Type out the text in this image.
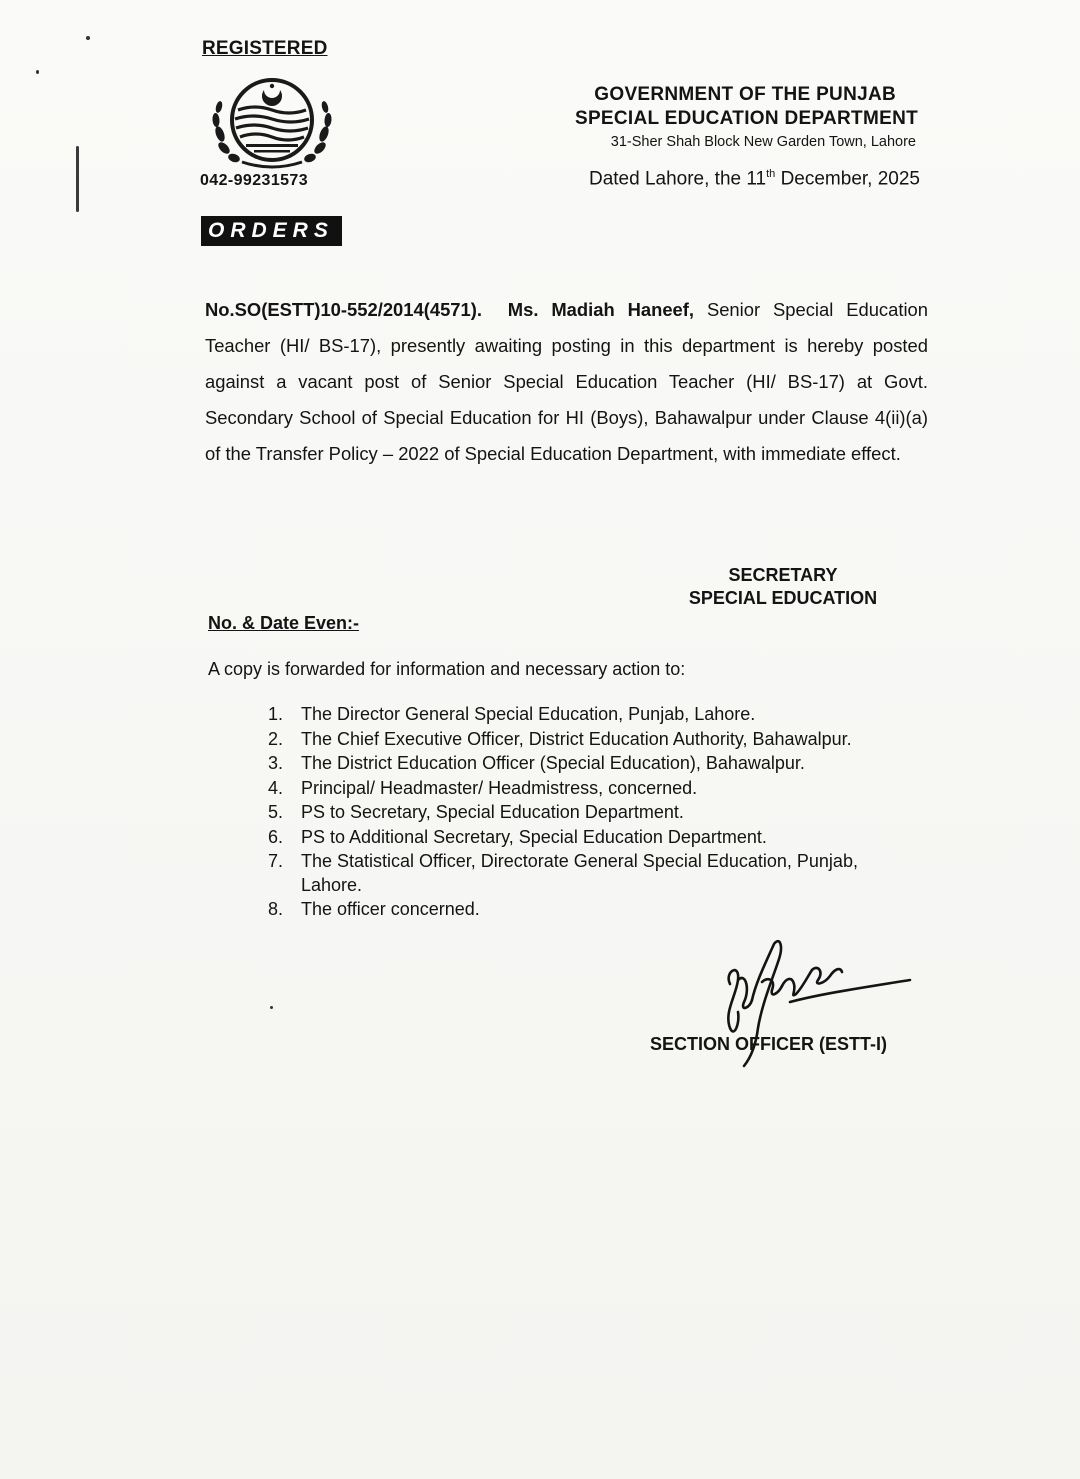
REGISTERED
042-99231573
ORDERS
GOVERNMENT OF THE PUNJAB
SPECIAL EDUCATION DEPARTMENT
31-Sher Shah Block New Garden Town, Lahore
Dated Lahore, the 11th December, 2025
No.SO(ESTT)10-552/2014(4571). Ms. Madiah Haneef, Senior Special Education Teacher (HI/ BS-17), presently awaiting posting in this department is hereby posted against a vacant post of Senior Special Education Teacher (HI/ BS-17) at Govt. Secondary School of Special Education for HI (Boys), Bahawalpur under Clause 4(ii)(a) of the Transfer Policy – 2022 of Special Education Department, with immediate effect.
SECRETARY
SPECIAL EDUCATION
No. & Date Even:-
A copy is forwarded for information and necessary action to:
1. The Director General Special Education, Punjab, Lahore.
2. The Chief Executive Officer, District Education Authority, Bahawalpur.
3. The District Education Officer (Special Education), Bahawalpur.
4. Principal/ Headmaster/ Headmistress, concerned.
5. PS to Secretary, Special Education Department.
6. PS to Additional Secretary, Special Education Department.
7. The Statistical Officer, Directorate General Special Education, Punjab, Lahore.
8. The officer concerned.
SECTION OFFICER (ESTT-I)
